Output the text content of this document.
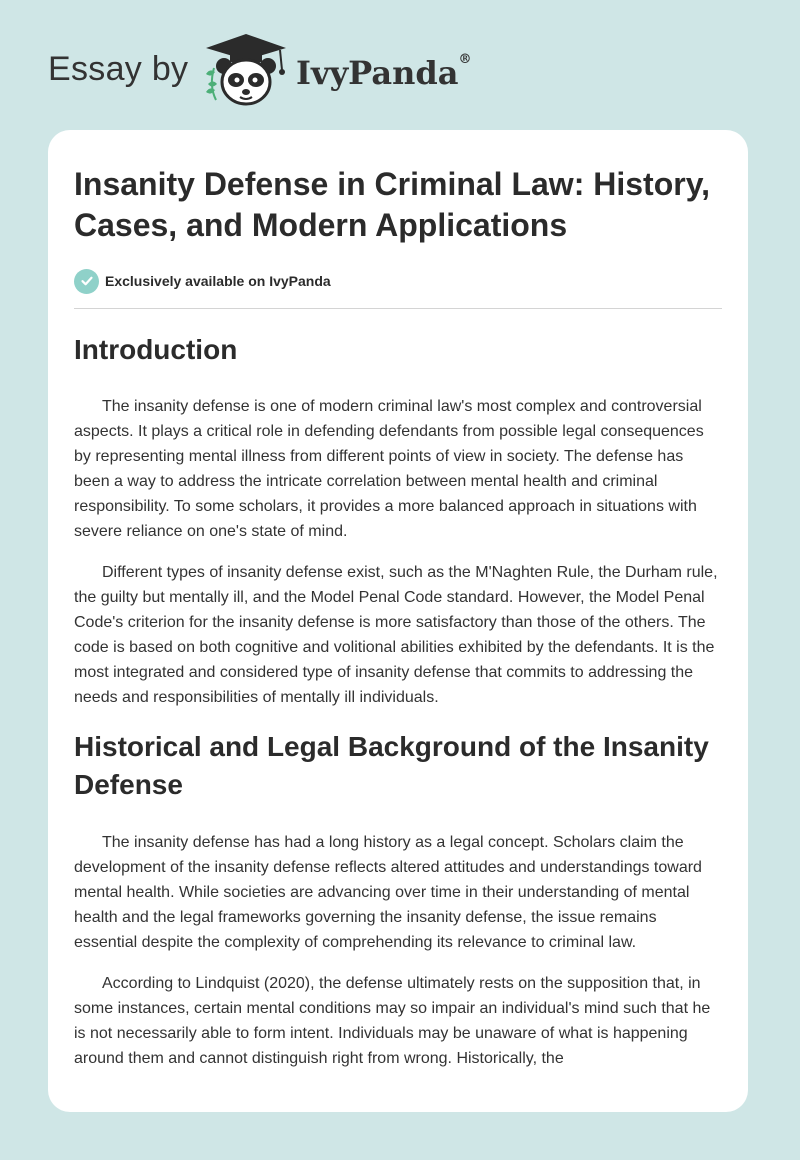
Essay by	IvyPanda®
Insanity Defense in Criminal Law: History, Cases, and Modern Applications
Exclusively available on IvyPanda
Introduction

The insanity defense is one of modern criminal law's most complex and controversial aspects. It plays a critical role in defending defendants from possible legal consequences by representing mental illness from different points of view in society. The defense has been a way to address the intricate correlation between mental health and criminal responsibility. To some scholars, it provides a more balanced approach in situations with severe reliance on one's state of mind.

Different types of insanity defense exist, such as the M'Naghten Rule, the Durham rule, the guilty but mentally ill, and the Model Penal Code standard. However, the Model Penal Code's criterion for the insanity defense is more satisfactory than those of the others. The code is based on both cognitive and volitional abilities exhibited by the defendants. It is the most integrated and considered type of insanity defense that commits to addressing the needs and responsibilities of mentally ill individuals.

Historical and Legal Background of the Insanity Defense

The insanity defense has had a long history as a legal concept. Scholars claim the development of the insanity defense reflects altered attitudes and understandings toward mental health. While societies are advancing over time in their understanding of mental health and the legal frameworks governing the insanity defense, the issue remains essential despite the complexity of comprehending its relevance to criminal law.

According to Lindquist (2020), the defense ultimately rests on the supposition that, in some instances, certain mental conditions may so impair an individual's mind such that he is not necessarily able to form intent. Individuals may be unaware of what is happening around them and cannot distinguish right from wrong. Historically, the
